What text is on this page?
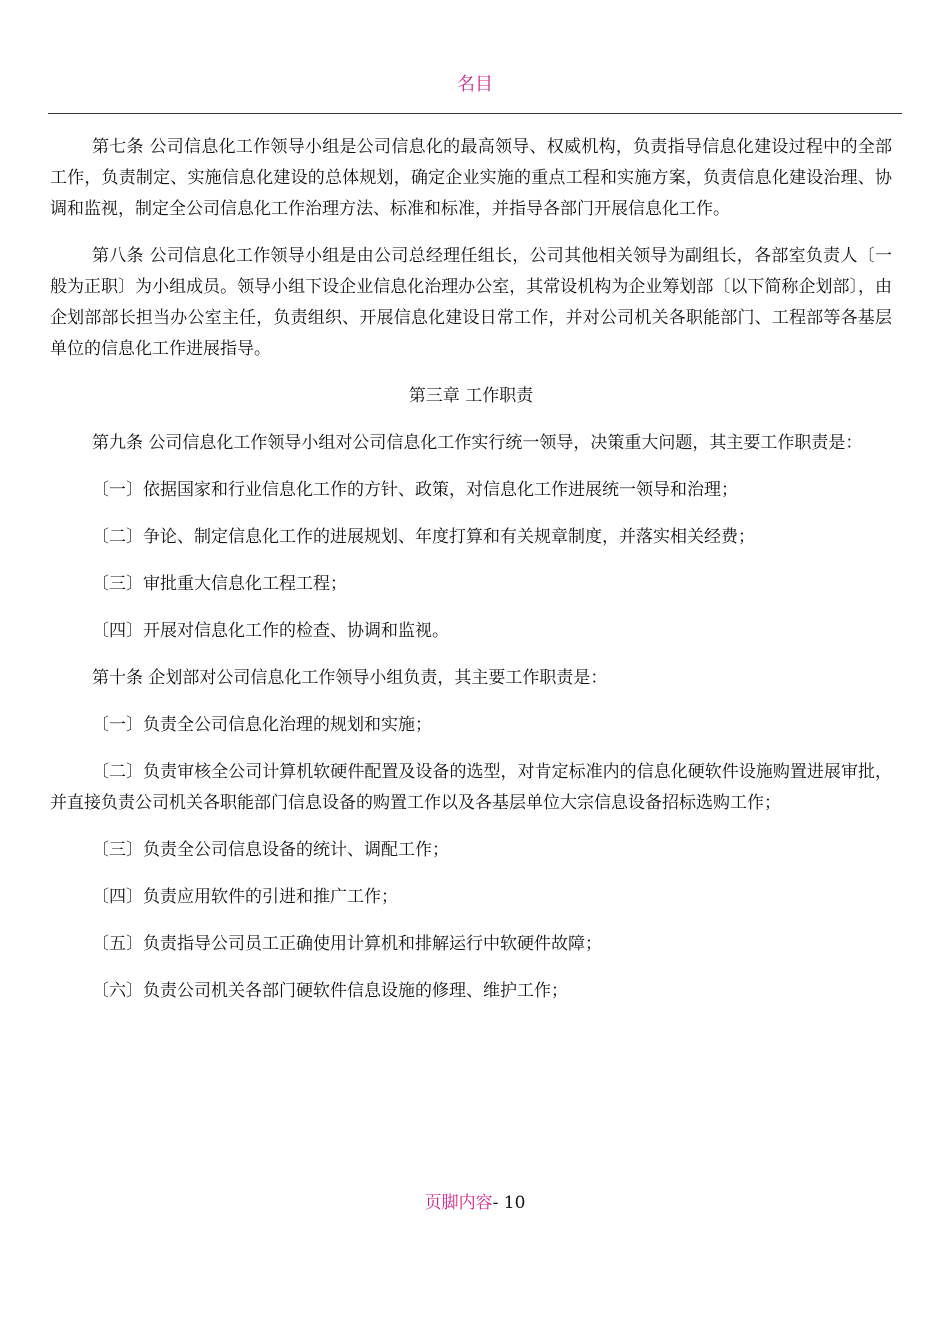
名目

第七条 公司信息化工作领导小组是公司信息化的最高领导、权威机构，负责指导信息化建设过程中的全部工作，负责制定、实施信息化建设的总体规划，确定企业实施的重点工程和实施方案，负责信息化建设治理、协调和监视，制定全公司信息化工作治理方法、标准和标准，并指导各部门开展信息化工作。

第八条 公司信息化工作领导小组是由公司总经理任组长，公司其他相关领导为副组长，各部室负责人〔一般为正职〕为小组成员。领导小组下设企业信息化治理办公室，其常设机构为企业筹划部〔以下简称企划部〕，由企划部部长担当办公室主任，负责组织、开展信息化建设日常工作，并对公司机关各职能部门、工程部等各基层单位的信息化工作进展指导。

第三章 工作职责

第九条 公司信息化工作领导小组对公司信息化工作实行统一领导，决策重大问题，其主要工作职责是：

〔一〕依据国家和行业信息化工作的方针、政策，对信息化工作进展统一领导和治理；

〔二〕争论、制定信息化工作的进展规划、年度打算和有关规章制度，并落实相关经费；

〔三〕审批重大信息化工程工程；

〔四〕开展对信息化工作的检查、协调和监视。

第十条 企划部对公司信息化工作领导小组负责，其主要工作职责是：

〔一〕负责全公司信息化治理的规划和实施；

〔二〕负责审核全公司计算机软硬件配置及设备的选型，对肯定标准内的信息化硬软件设施购置进展审批，并直接负责公司机关各职能部门信息设备的购置工作以及各基层单位大宗信息设备招标选购工作；

〔三〕负责全公司信息设备的统计、调配工作；

〔四〕负责应用软件的引进和推广工作；

〔五〕负责指导公司员工正确使用计算机和排解运行中软硬件故障；

〔六〕负责公司机关各部门硬软件信息设施的修理、维护工作；

页脚内容- 10
